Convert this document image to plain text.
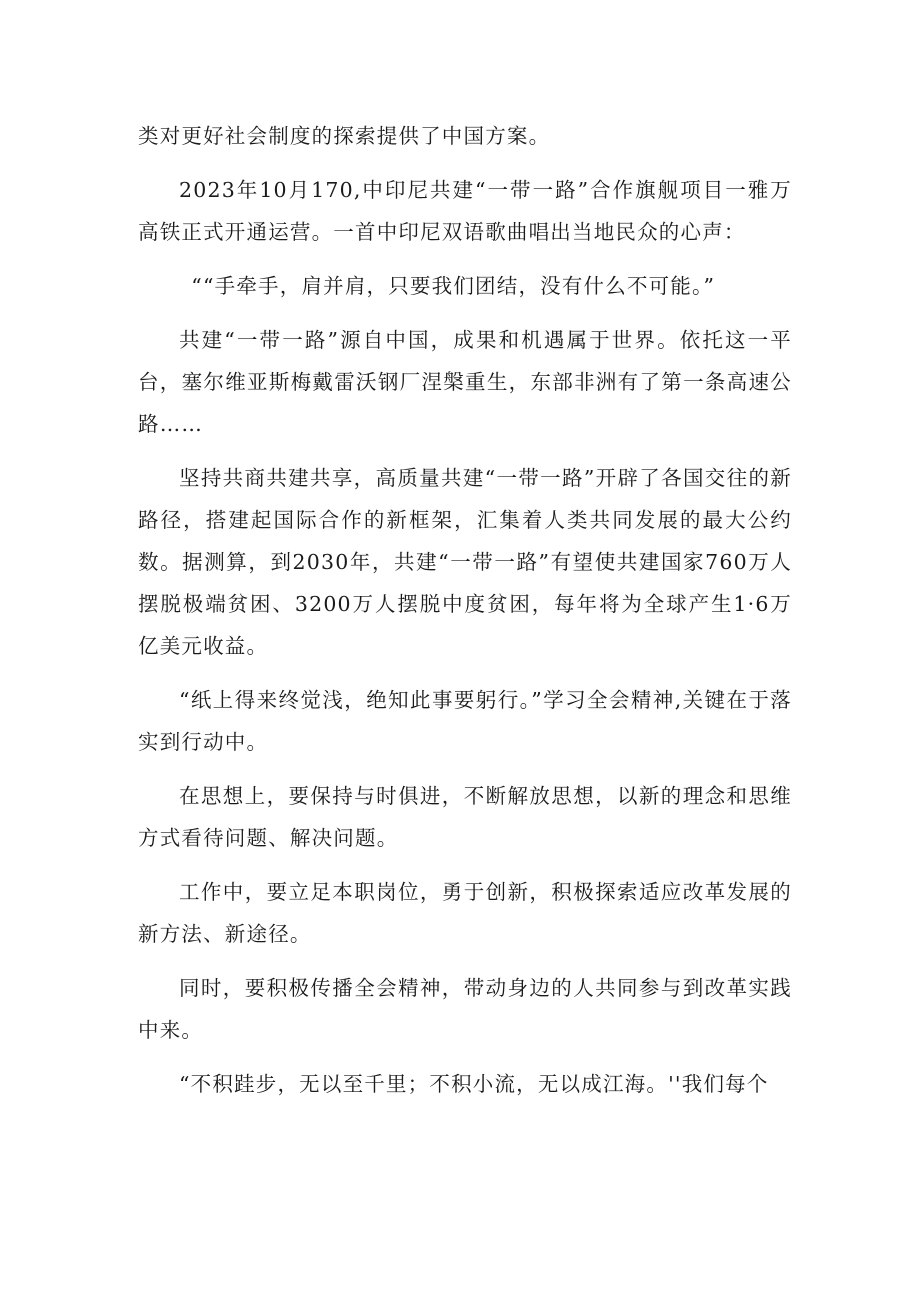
类对更好社会制度的探索提供了中国方案。

2023年10月170,中印尼共建“一带一路”合作旗舰项目一雅万高铁正式开通运营。一首中印尼双语歌曲唱出当地民众的心声：

““手牵手，肩并肩，只要我们团结，没有什么不可能。”

共建“一带一路”源自中国，成果和机遇属于世界。依托这一平台，塞尔维亚斯梅戴雷沃钢厂涅槃重生，东部非洲有了第一条高速公路……

坚持共商共建共享，高质量共建“一带一路”开辟了各国交往的新路径，搭建起国际合作的新框架，汇集着人类共同发展的最大公约数。据测算，到2030年，共建“一带一路”有望使共建国家760万人摆脱极端贫困、3200万人摆脱中度贫困，每年将为全球产生1·6万亿美元收益。

“纸上得来终觉浅，绝知此事要躬行。”学习全会精神,关键在于落实到行动中。

在思想上，要保持与时俱进，不断解放思想，以新的理念和思维方式看待问题、解决问题。

工作中，要立足本职岗位，勇于创新，积极探索适应改革发展的新方法、新途径。

同时，要积极传播全会精神，带动身边的人共同参与到改革实践中来。

“不积跬步，无以至千里；不积小流，无以成江海。''我们每个
